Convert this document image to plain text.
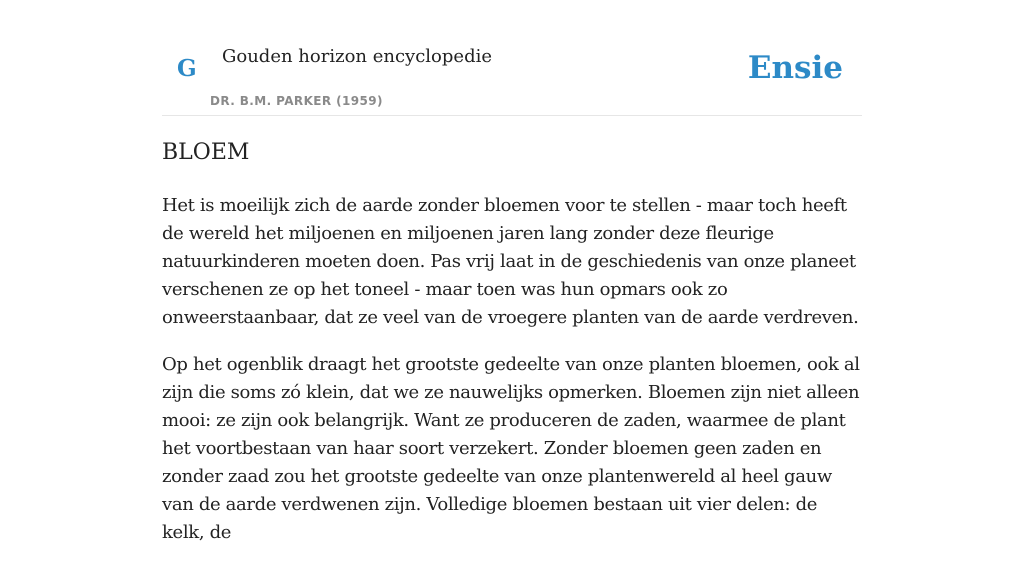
G Gouden horizon encyclopedie
DR. B.M. PARKER (1959)
Ensie
BLOEM

Het is moeilijk zich de aarde zonder bloemen voor te stellen - maar toch heeft de wereld het miljoenen en miljoenen jaren lang zonder deze fleurige natuurkinderen moeten doen. Pas vrij laat in de geschiedenis van onze planeet verschenen ze op het toneel - maar toen was hun opmars ook zo onweerstaanbaar, dat ze veel van de vroegere planten van de aarde verdreven.

Op het ogenblik draagt het grootste gedeelte van onze planten bloemen, ook al zijn die soms zó klein, dat we ze nauwelijks opmerken. Bloemen zijn niet alleen mooi: ze zijn ook belangrijk. Want ze produceren de zaden, waarmee de plant het voortbestaan van haar soort verzekert. Zonder bloemen geen zaden en zonder zaad zou het grootste gedeelte van onze plantenwereld al heel gauw van de aarde verdwenen zijn. Volledige bloemen bestaan uit vier delen: de kelk, de
